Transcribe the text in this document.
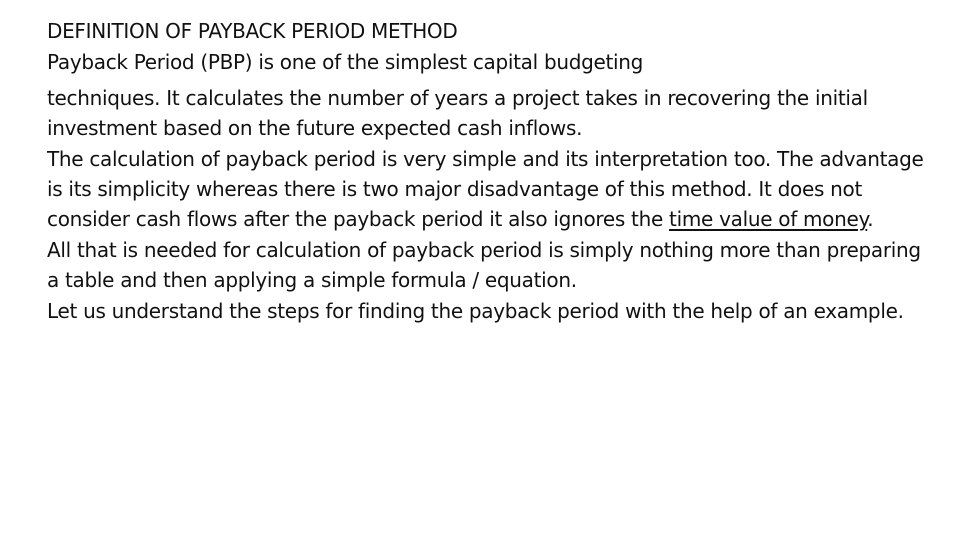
DEFINITION OF PAYBACK PERIOD METHOD

Payback Period (PBP) is one of the simplest capital budgeting

techniques. It calculates the number of years a project takes in recovering the initial investment based on the future expected cash inflows.

The calculation of payback period is very simple and its interpretation too. The advantage is its simplicity whereas there is two major disadvantage of this method. It does not consider cash flows after the payback period it also ignores the time value of money.

All that is needed for calculation of payback period is simply nothing more than preparing a table and then applying a simple formula / equation.

Let us understand the steps for finding the payback period with the help of an example.
